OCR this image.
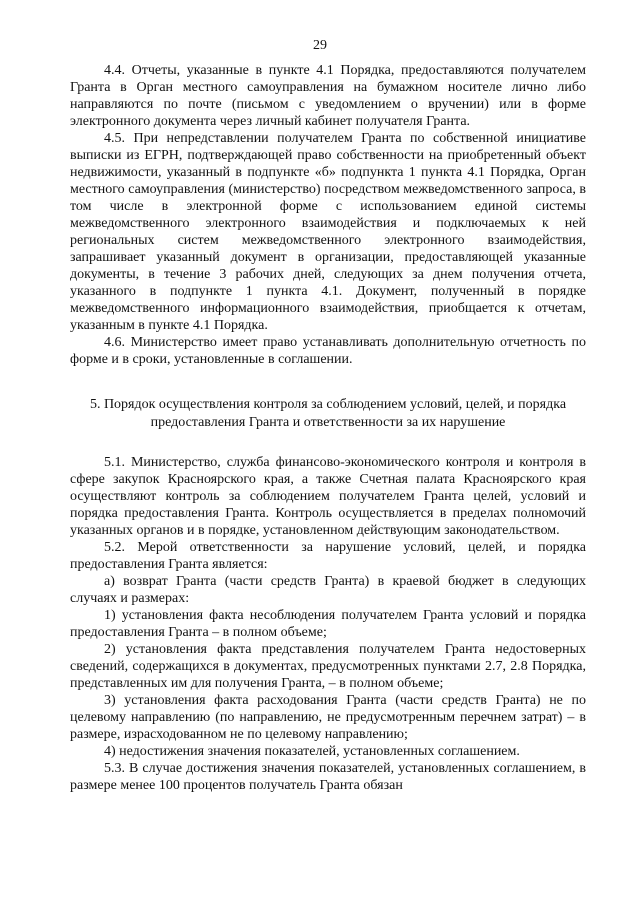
29

4.4. Отчеты, указанные в пункте 4.1 Порядка, предоставляются получателем Гранта в Орган местного самоуправления на бумажном носителе лично либо направляются по почте (письмом с уведомлением о вручении) или в форме электронного документа через личный кабинет получателя Гранта.

4.5. При непредставлении получателем Гранта по собственной инициативе выписки из ЕГРН, подтверждающей право собственности на приобретенный объект недвижимости, указанный в подпункте «б» подпункта 1 пункта 4.1 Порядка, Орган местного самоуправления (министерство) посредством межведомственного запроса, в том числе в электронной форме с использованием единой системы межведомственного электронного взаимодействия и подключаемых к ней региональных систем межведомственного электронного взаимодействия, запрашивает указанный документ в организации, предоставляющей указанные документы, в течение 3 рабочих дней, следующих за днем получения отчета, указанного в подпункте 1 пункта 4.1. Документ, полученный в порядке межведомственного информационного взаимодействия, приобщается к отчетам, указанным в пункте 4.1 Порядка.

4.6. Министерство имеет право устанавливать дополнительную отчетность по форме и в сроки, установленные в соглашении.

5. Порядок осуществления контроля за соблюдением условий, целей, и порядка
предоставления Гранта и ответственности за их нарушение

5.1. Министерство, служба финансово-экономического контроля и контроля в сфере закупок Красноярского края, а также Счетная палата Красноярского края осуществляют контроль за соблюдением получателем Гранта целей, условий и порядка предоставления Гранта. Контроль осуществляется в пределах полномочий указанных органов и в порядке, установленном действующим законодательством.

5.2. Мерой ответственности за нарушение условий, целей, и порядка предоставления Гранта является:

а) возврат Гранта (части средств Гранта) в краевой бюджет в следующих случаях и размерах:

1) установления факта несоблюдения получателем Гранта условий и порядка предоставления Гранта – в полном объеме;

2) установления факта представления получателем Гранта недостоверных сведений, содержащихся в документах, предусмотренных пунктами 2.7, 2.8 Порядка, представленных им для получения Гранта, – в полном объеме;

3) установления факта расходования Гранта (части средств Гранта) не по целевому направлению (по направлению, не предусмотренным перечнем затрат) – в размере, израсходованном не по целевому направлению;

4) недостижения значения показателей, установленных соглашением.

5.3. В случае достижения значения показателей, установленных соглашением, в размере менее 100 процентов получатель Гранта обязан
